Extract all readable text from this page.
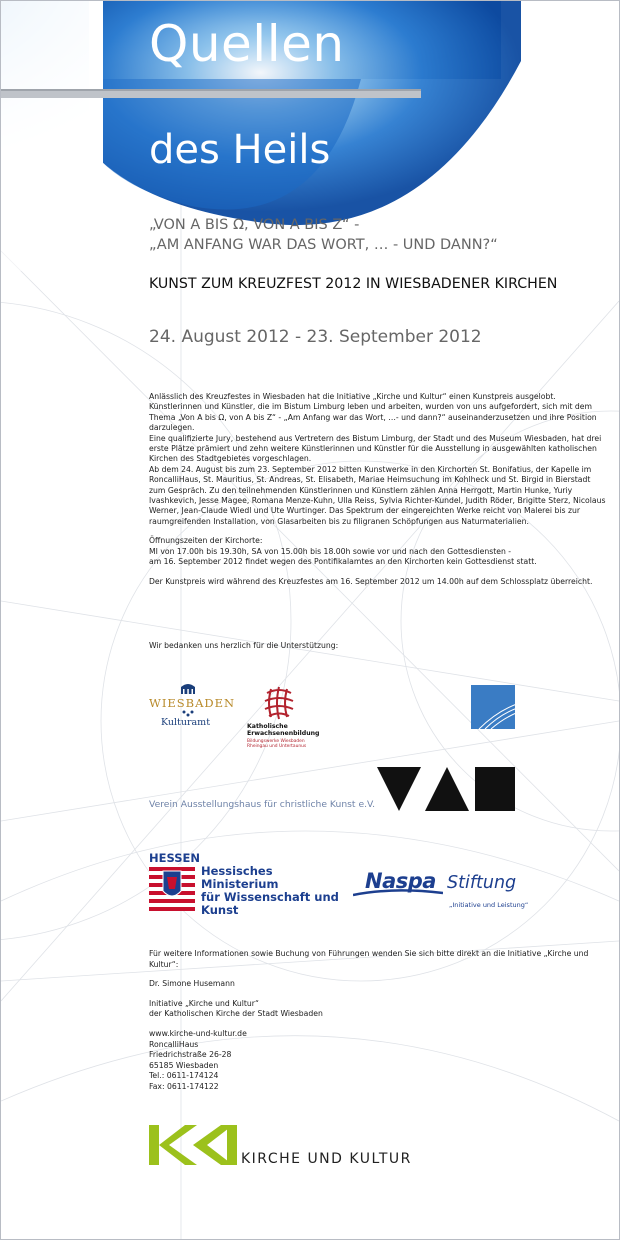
Quellen
des Heils
„VON A BIS Ω, VON A BIS Z“ -
„AM ANFANG WAR DAS WORT, … - UND DANN?“
KUNST ZUM KREUZFEST 2012 IN WIESBADENER KIRCHEN
24. August 2012 - 23. September 2012

Anlässlich des Kreuzfestes in Wiesbaden hat die Initiative „Kirche und Kultur“ einen Kunstpreis ausgelobt. Künstlerinnen und Künstler, die im Bistum Limburg leben und arbeiten, wurden von uns aufgefordert, sich mit dem Thema „Von A bis Ω, von A bis Z“ - „Am Anfang war das Wort, …- und dann?“ auseinanderzusetzen und ihre Position darzulegen.

Eine qualifizierte Jury, bestehend aus Vertretern des Bistum Limburg, der Stadt und des Museum Wiesbaden, hat drei erste Plätze prämiert und zehn weitere Künstlerinnen und Künstler für die Ausstellung in ausgewählten katholischen Kirchen des Stadtgebietes vorgeschlagen.

Ab dem 24. August bis zum 23. September 2012 bitten Kunstwerke in den Kirchorten St. Bonifatius, der Kapelle im RoncalliHaus, St. Mauritius, St. Andreas, St. Elisabeth, Mariae Heimsuchung im Kohlheck und St. Birgid in Bierstadt zum Gespräch. Zu den teilnehmenden Künstlerinnen und Künstlern zählen Anna Herrgott, Martin Hunke, Yuriy Ivashkevich, Jesse Magee, Romana Menze-Kuhn, Ulla Reiss, Sylvia Richter-Kundel, Judith Röder, Brigitte Sterz, Nicolaus Werner, Jean-Claude Wiedl und Ute Wurtinger. Das Spektrum der eingereichten Werke reicht von Malerei bis zur raumgreifenden Installation, von Glasarbeiten bis zu filigranen Schöpfungen aus Naturmaterialien.

Öffnungszeiten der Kirchorte:

MI von 17.00h bis 19.30h, SA von 15.00h bis 18.00h sowie vor und nach den Gottesdiensten -

am 16. September 2012 findet wegen des Pontifikalamtes an den Kirchorten kein Gottesdienst statt.

Der Kunstpreis wird während des Kreuzfestes am 16. September 2012 um 14.00h auf dem Schlossplatz überreicht.

Wir bedanken uns herzlich für die Unterstützung:
WIESBADEN
Kulturamt	Katholische
Erwachsenenbildung
Bildungswerke Wiesbaden
Rheingau und Untertaunus
Verein Ausstellungshaus für christliche Kunst e.V.
HESSEN
Hessisches Ministerium
für Wissenschaft und Kunst
Naspa Stiftung
„Initiative und Leistung“

Für weitere Informationen sowie Buchung von Führungen wenden Sie sich bitte direkt an die Initiative „Kirche und Kultur“:

Dr. Simone Husemann

Initiative „Kirche und Kultur“

der Katholischen Kirche der Stadt Wiesbaden

www.kirche-und-kultur.de

RoncalliHaus

Friedrichstraße 26-28

65185 Wiesbaden

Tel.: 0611-174124

Fax: 0611-174122

KIRCHE UND KULTUR
